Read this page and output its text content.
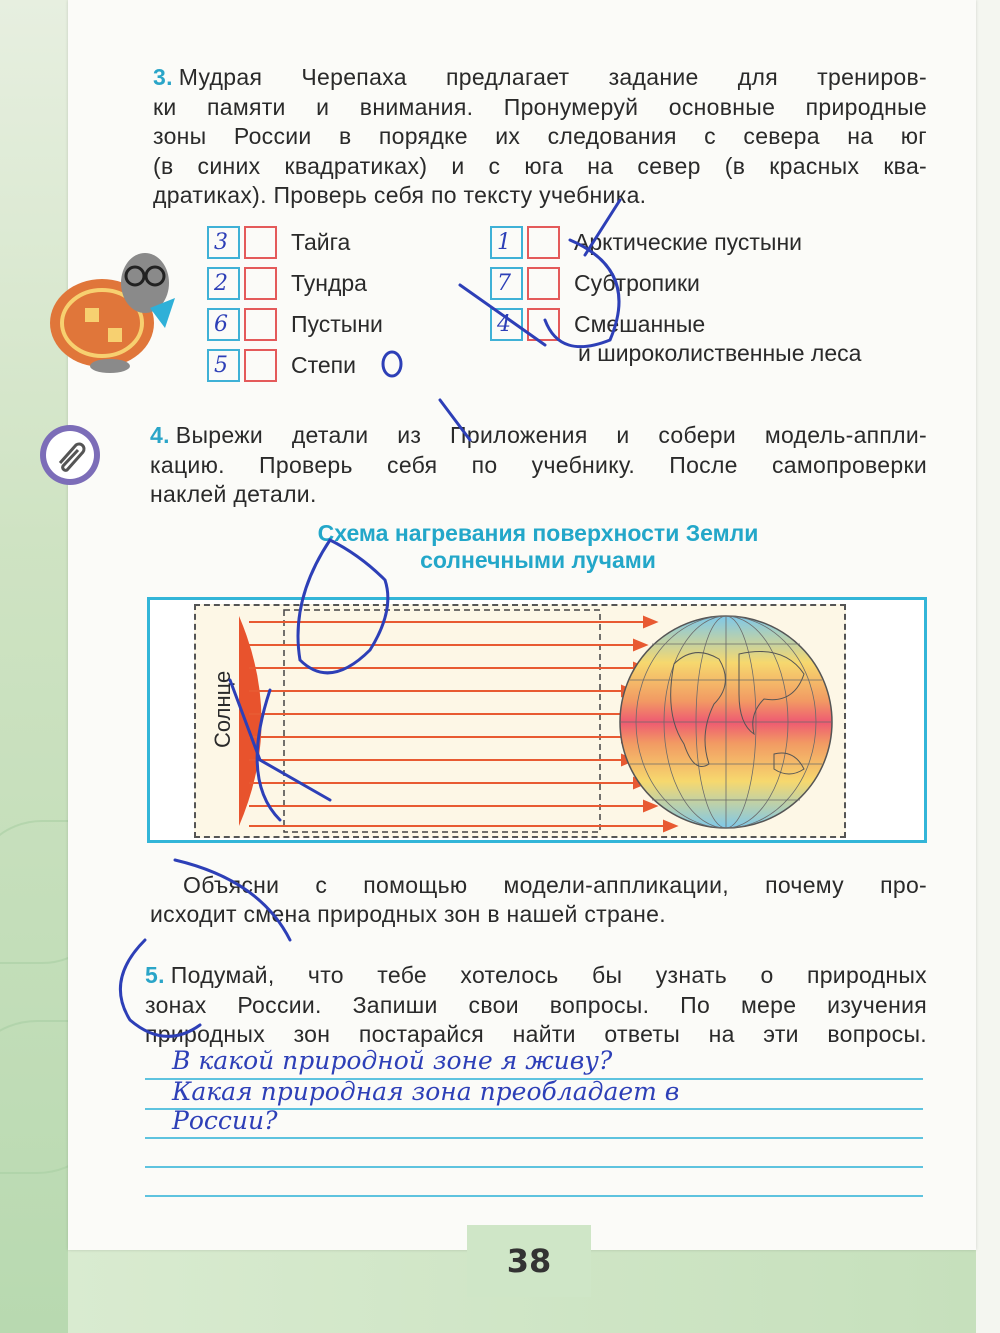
3. Мудрая Черепаха предлагает задание для трениров-
ки памяти и внимания. Пронумеруй основные природные
зоны России в порядке их следования с севера на юг
(в синих квадратиках) и с юга на север (в красных ква-
дратиках). Проверь себя по тексту учебника.
3	Тайга
2	Тундра
6	Пустыни
5	Степи
1	Арктические пустыни
7	Субтропики
4	Смешанные
и широколиственные леса
4. Вырежи детали из Приложения и собери модель-аппли-
кацию. Проверь себя по учебнику. После самопроверки
наклей детали.
Схема нагревания поверхности Земли
солнечными лучами
Солнце
Объясни с помощью модели-аппликации, почему про-
исходит смена природных зон в нашей стране.
5. Подумай, что тебе хотелось бы узнать о природных
зонах России. Запиши свои вопросы. По мере изучения
природных зон постарайся найти ответы на эти вопросы.
В какой природной зоне я живу?
Какая природная зона преобладает в
России?
38
